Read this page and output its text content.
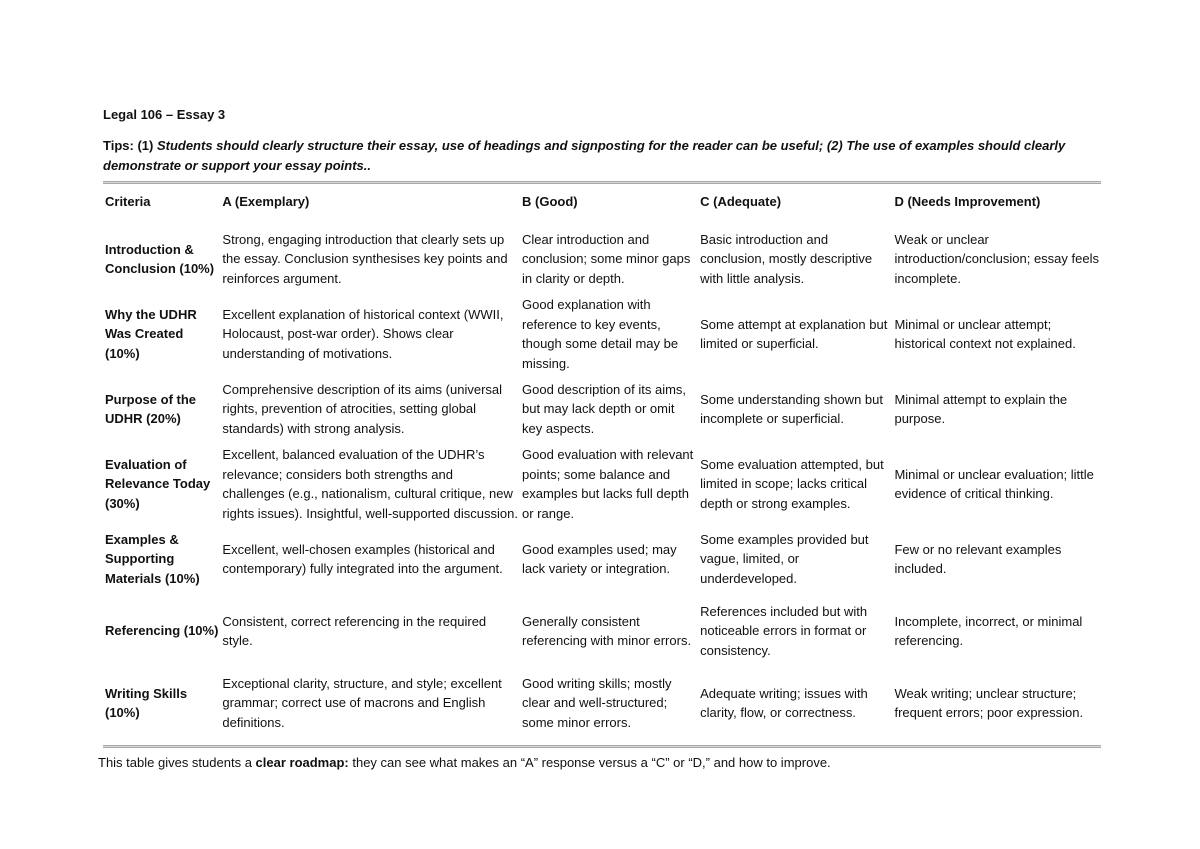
Legal 106 – Essay 3

Tips: (1) Students should clearly structure their essay, use of headings and signposting for the reader can be useful; (2) The use of examples should clearly demonstrate or support your essay points..
Criteria	A (Exemplary)	B (Good)	C (Adequate)	D (Needs Improvement)
Introduction & Conclusion (10%)	Strong, engaging introduction that clearly sets up the essay. Conclusion synthesises key points and reinforces argument.	Clear introduction and conclusion; some minor gaps in clarity or depth.	Basic introduction and conclusion, mostly descriptive with little analysis.	Weak or unclear introduction/conclusion; essay feels incomplete.
Why the UDHR Was Created (10%)	Excellent explanation of historical context (WWII, Holocaust, post-war order). Shows clear understanding of motivations.	Good explanation with reference to key events, though some detail may be missing.	Some attempt at explanation but limited or superficial.	Minimal or unclear attempt; historical context not explained.
Purpose of the UDHR (20%)	Comprehensive description of its aims (universal rights, prevention of atrocities, setting global standards) with strong analysis.	Good description of its aims, but may lack depth or omit key aspects.	Some understanding shown but incomplete or superficial.	Minimal attempt to explain the purpose.
Evaluation of Relevance Today (30%)	Excellent, balanced evaluation of the UDHR’s relevance; considers both strengths and challenges (e.g., nationalism, cultural critique, new rights issues). Insightful, well-supported discussion.	Good evaluation with relevant points; some balance and examples but lacks full depth or range.	Some evaluation attempted, but limited in scope; lacks critical depth or strong examples.	Minimal or unclear evaluation; little evidence of critical thinking.
Examples & Supporting Materials (10%)	Excellent, well-chosen examples (historical and contemporary) fully integrated into the argument.	Good examples used; may lack variety or integration.	Some examples provided but vague, limited, or underdeveloped.	Few or no relevant examples included.
Referencing (10%)	Consistent, correct referencing in the required style.	Generally consistent referencing with minor errors.	References included but with noticeable errors in format or consistency.	Incomplete, incorrect, or minimal referencing.
Writing Skills (10%)	Exceptional clarity, structure, and style; excellent grammar; correct use of macrons and English definitions.	Good writing skills; mostly clear and well-structured; some minor errors.	Adequate writing; issues with clarity, flow, or correctness.	Weak writing; unclear structure; frequent errors; poor expression.
This table gives students a clear roadmap: they can see what makes an “A” response versus a “C” or “D,” and how to improve.
